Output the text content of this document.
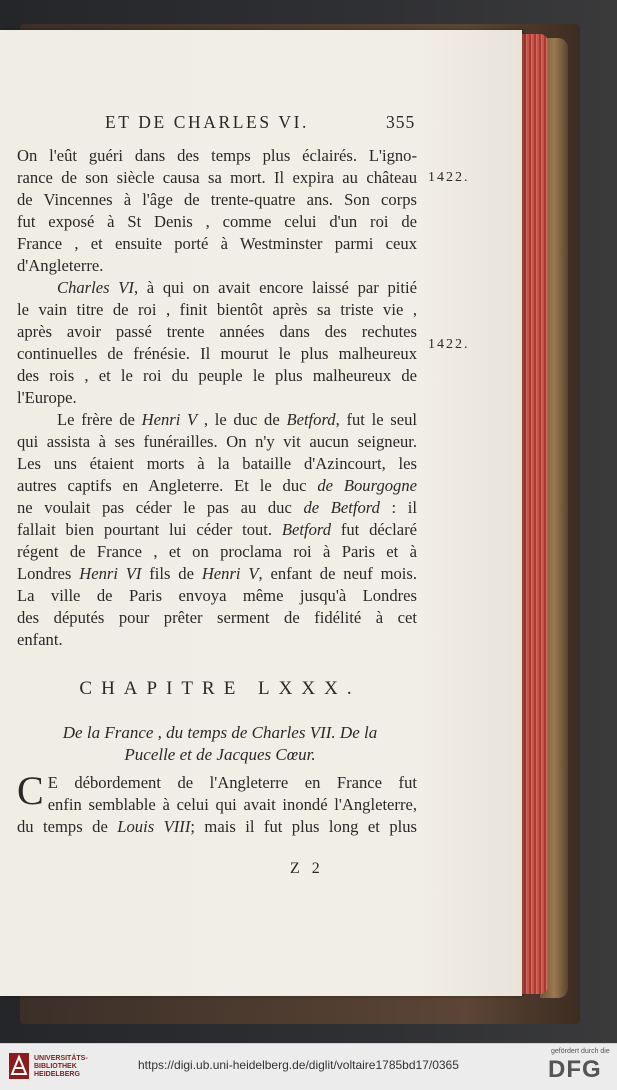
ET DE CHARLES VI.	355
On l'eût guéri dans des temps plus éclairés. L'igno-
rance de son siècle causa sa mort. Il expira au château
de Vincennes à l'âge de trente-quatre ans. Son corps
fut exposé à St Denis , comme celui d'un roi de
France , et ensuite porté à Westminster parmi ceux
d'Angleterre.
Charles VI, à qui on avait encore laissé par pitié
le vain titre de roi , finit bientôt après sa triste vie ,
après avoir passé trente années dans des rechutes
continuelles de frénésie. Il mourut le plus malheureux
des rois , et le roi du peuple le plus malheureux de
l'Europe.
Le frère de Henri V , le duc de Betford, fut le seul
qui assista à ses funérailles. On n'y vit aucun seigneur.
Les uns étaient morts à la bataille d'Azincourt, les
autres captifs en Angleterre. Et le duc de Bourgogne
ne voulait pas céder le pas au duc de Betford : il
fallait bien pourtant lui céder tout. Betford fut déclaré
régent de France , et on proclama roi à Paris et à
Londres Henri VI fils de Henri V, enfant de neuf mois.
La ville de Paris envoya même jusqu'à Londres
des députés pour prêter serment de fidélité à cet
enfant.
1422.
1422.
CHAPITRE LXXX.
De la France , du temps de Charles VII. De la
Pucelle et de Jacques Cœur.
C E débordement de l'Angleterre en France fut
enfin semblable à celui qui avait inondé l'Angleterre,
du temps de Louis VIII; mais il fut plus long et plus
Z 2
UNIVERSITÄTS-
BIBLIOTHEK
HEIDELBERG
https://digi.ub.uni-heidelberg.de/diglit/voltaire1785bd17/0365
gefördert durch die
DFG
